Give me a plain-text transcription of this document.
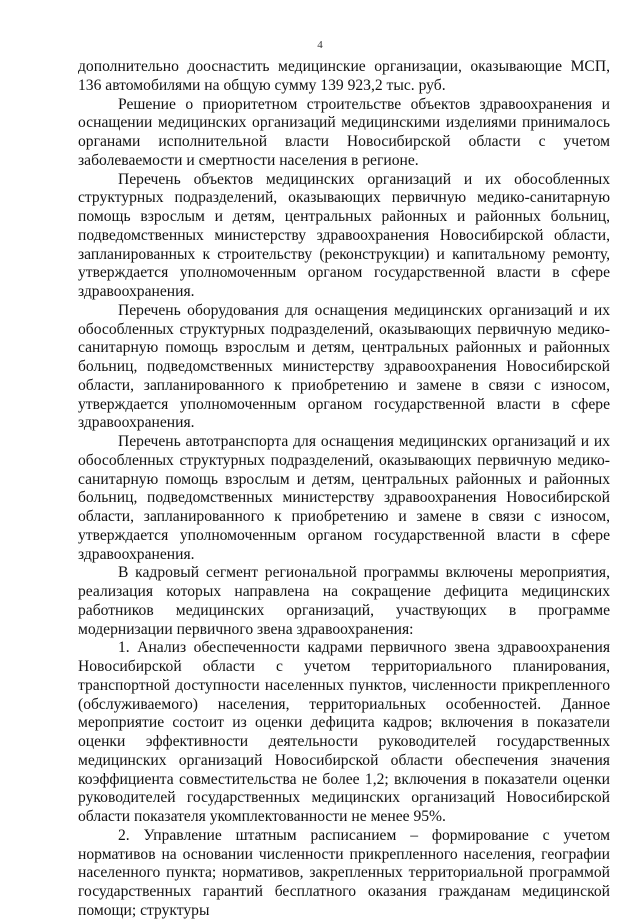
4

дополнительно дооснастить медицинские организации, оказывающие МСП, 136 автомобилями на общую сумму 139 923,2 тыс. руб.

Решение о приоритетном строительстве объектов здравоохранения и оснащении медицинских организаций медицинскими изделиями принималось органами исполнительной власти Новосибирской области с учетом заболеваемости и смертности населения в регионе.

Перечень объектов медицинских организаций и их обособленных структурных подразделений, оказывающих первичную медико-санитарную помощь взрослым и детям, центральных районных и районных больниц, подведомственных министерству здравоохранения Новосибирской области, запланированных к строительству (реконструкции) и капитальному ремонту, утверждается уполномоченным органом государственной власти в сфере здравоохранения.

Перечень оборудования для оснащения медицинских организаций и их обособленных структурных подразделений, оказывающих первичную медико-санитарную помощь взрослым и детям, центральных районных и районных больниц, подведомственных министерству здравоохранения Новосибирской области, запланированного к приобретению и замене в связи с износом, утверждается уполномоченным органом государственной власти в сфере здравоохранения.

Перечень автотранспорта для оснащения медицинских организаций и их обособленных структурных подразделений, оказывающих первичную медико-санитарную помощь взрослым и детям, центральных районных и районных больниц, подведомственных министерству здравоохранения Новосибирской области, запланированного к приобретению и замене в связи с износом, утверждается уполномоченным органом государственной власти в сфере здравоохранения.

В кадровый сегмент региональной программы включены мероприятия, реализация которых направлена на сокращение дефицита медицинских работников медицинских организаций, участвующих в программе модернизации первичного звена здравоохранения:

1. Анализ обеспеченности кадрами первичного звена здравоохранения Новосибирской области с учетом территориального планирования, транспортной доступности населенных пунктов, численности прикрепленного (обслуживаемого) населения, территориальных особенностей. Данное мероприятие состоит из оценки дефицита кадров; включения в показатели оценки эффективности деятельности руководителей государственных медицинских организаций Новосибирской области обеспечения значения коэффициента совместительства не более 1,2; включения в показатели оценки руководителей государственных медицинских организаций Новосибирской области показателя укомплектованности не менее 95%.

2. Управление штатным расписанием – формирование с учетом нормативов на основании численности прикрепленного населения, географии населенного пункта; нормативов, закрепленных территориальной программой государственных гарантий бесплатного оказания гражданам медицинской помощи; структуры
